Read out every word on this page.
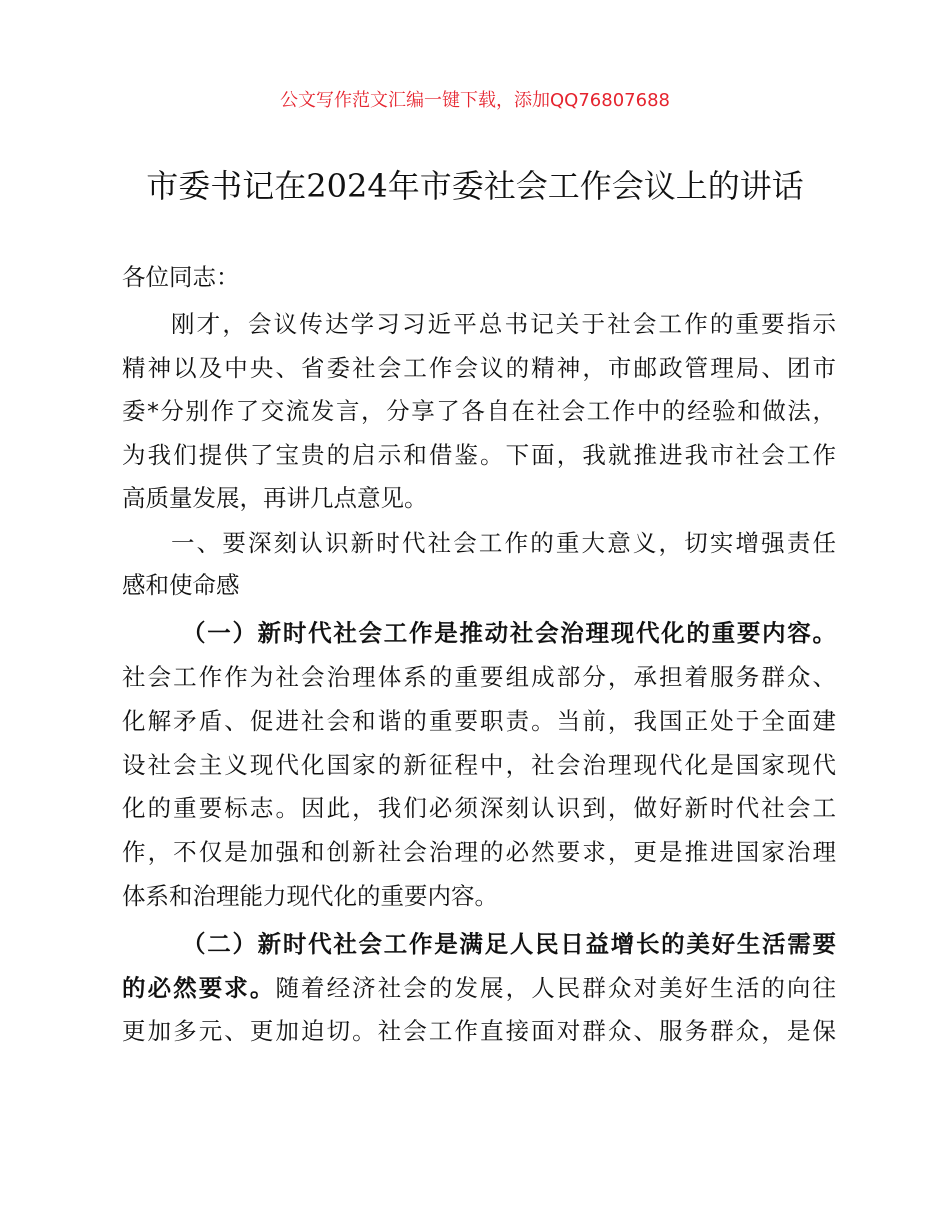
公文写作范文汇编一键下载，添加QQ76807688
市委书记在2024年市委社会工作会议上的讲话
各位同志：
刚才，会议传达学习习近平总书记关于社会工作的重要指示
精神以及中央、省委社会工作会议的精神，市邮政管理局、团市
委*分别作了交流发言，分享了各自在社会工作中的经验和做法，
为我们提供了宝贵的启示和借鉴。下面，我就推进我市社会工作
高质量发展，再讲几点意见。
一、要深刻认识新时代社会工作的重大意义，切实增强责任
感和使命感
（一）新时代社会工作是推动社会治理现代化的重要内容。
社会工作作为社会治理体系的重要组成部分，承担着服务群众、
化解矛盾、促进社会和谐的重要职责。当前，我国正处于全面建
设社会主义现代化国家的新征程中，社会治理现代化是国家现代
化的重要标志。因此，我们必须深刻认识到，做好新时代社会工
作，不仅是加强和创新社会治理的必然要求，更是推进国家治理
体系和治理能力现代化的重要内容。
（二）新时代社会工作是满足人民日益增长的美好生活需要
的必然要求。随着经济社会的发展，人民群众对美好生活的向往
更加多元、更加迫切。社会工作直接面对群众、服务群众，是保
